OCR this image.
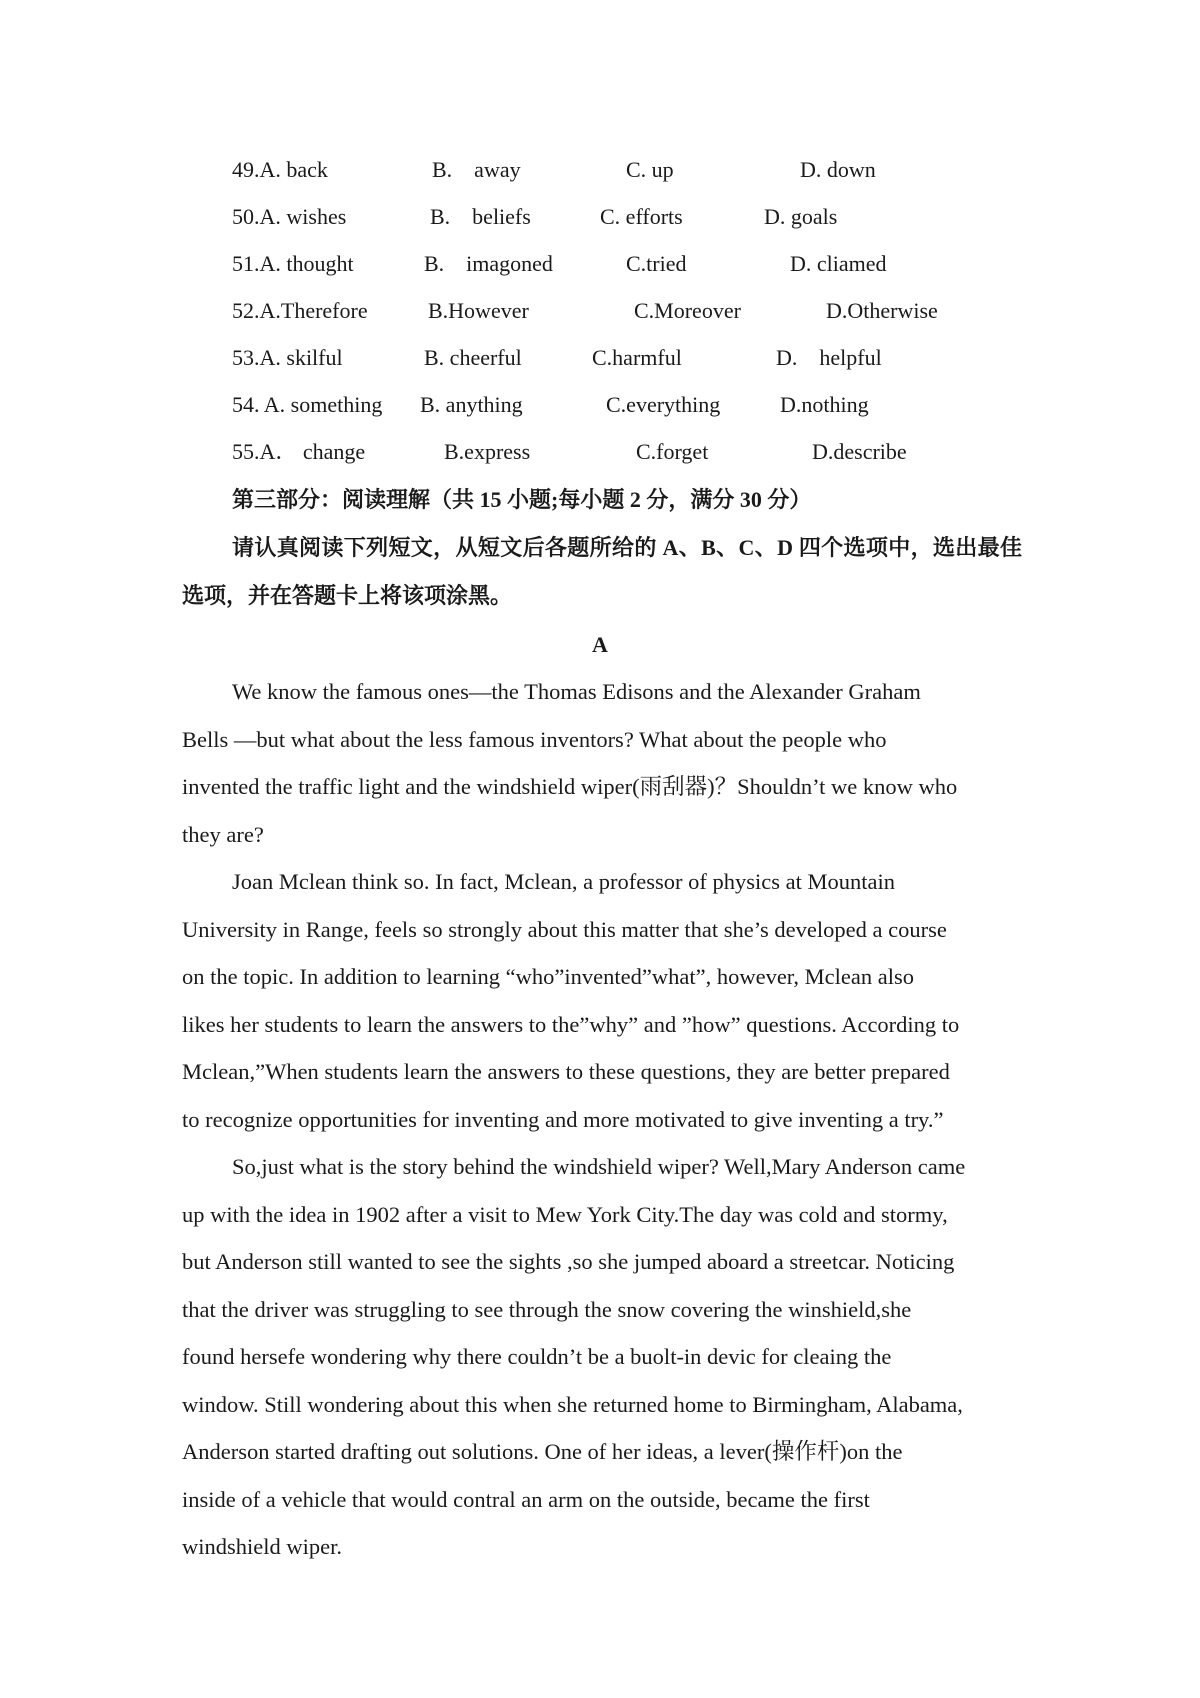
49.A. back	B.　away	C. up	D. down
50.A. wishes	B.　beliefs	C. efforts	D. goals
51.A. thought	B.　imagoned	C.tried	D. cliamed
52.A.Therefore	B.However	C.Moreover	D.Otherwise
53.A. skilful	B. cheerful	C.harmful	D.　helpful
54. A. something B. anything	C.everything	D.nothing
55.A． change	B.express	C.forget	D.describe
第三部分：阅读理解（共 15 小题;每小题 2 分，满分 30 分）
请认真阅读下列短文，从短文后各题所给的 A、B、C、D 四个选项中，选出最佳选项，并在答题卡上将该项涂黑。
A
We know the famous ones—the Thomas Edisons and the Alexander Graham
Bells —but what about the less famous inventors? What about the people who
invented the traffic light and the windshield wiper(雨刮器)？Shouldn’t we know who
they are?
Joan Mclean think so. In fact, Mclean, a professor of physics at Mountain
University in Range, feels so strongly about this matter that she’s developed a course
on the topic. In addition to learning “who”invented”what”, however, Mclean also
likes her students to learn the answers to the”why” and ”how” questions. According to
Mclean,”When students learn the answers to these questions, they are better prepared
to recognize opportunities for inventing and more motivated to give inventing a try.”
So,just what is the story behind the windshield wiper? Well,Mary Anderson came
up with the idea in 1902 after a visit to Mew York City.The day was cold and stormy,
but Anderson still wanted to see the sights ,so she jumped aboard a streetcar. Noticing
that the driver was struggling to see through the snow covering the winshield,she
found hersefe wondering why there couldn’t be a buolt-in devic for cleaing the
window. Still wondering about this when she returned home to Birmingham, Alabama,
Anderson started drafting out solutions. One of her ideas, a lever(操作杆)on the
inside of a vehicle that would contral an arm on the outside, became the first
windshield wiper.
